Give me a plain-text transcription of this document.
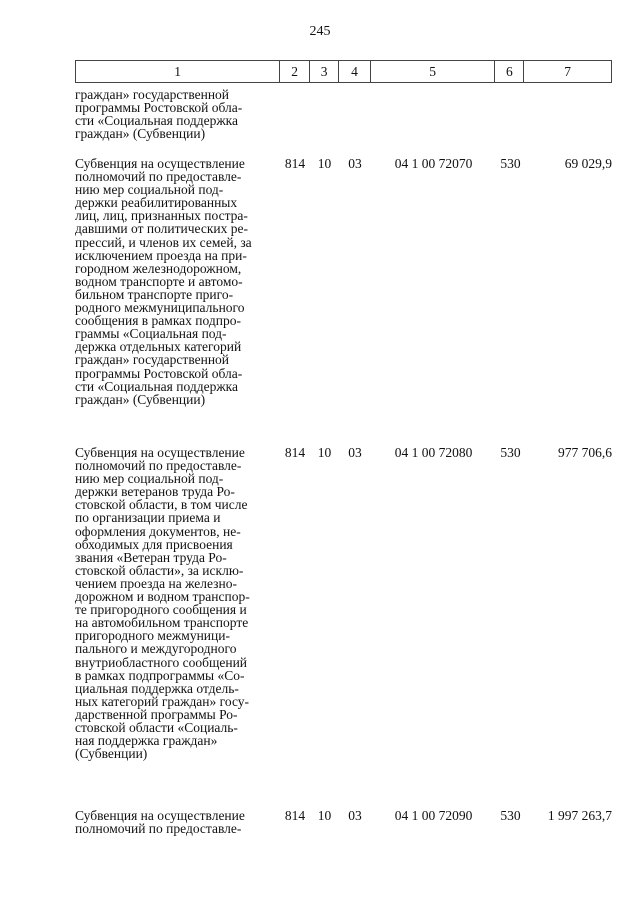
245
1	2	3	4	5	6	7
граждан» государственной
программы Ростовской обла-
сти «Социальная поддержка
граждан» (Субвенции)
Субвенция на осуществление
полномочий по предоставле-
нию мер социальной под-
держки реабилитированных
лиц, лиц, признанных постра-
давшими от политических ре-
прессий, и членов их семей, за
исключением проезда на при-
городном железнодорожном,
водном транспорте и автомо-
бильном транспорте приго-
родного межмуниципального
сообщения в рамках подпро-
граммы «Социальная под-
держка отдельных категорий
граждан» государственной
программы Ростовской обла-
сти «Социальная поддержка
граждан» (Субвенции)
814 10	03	04 1 00 72070	530	69 029,9
Субвенция на осуществление
полномочий по предоставле-
нию мер социальной под-
держки ветеранов труда Ро-
стовской области, в том числе
по организации приема и
оформления документов, не-
обходимых для присвоения
звания «Ветеран труда Ро-
стовской области», за исклю-
чением проезда на железно-
дорожном и водном транспор-
те пригородного сообщения и
на автомобильном транспорте
пригородного межмуници-
пального и междугородного
внутриобластного сообщений
в рамках подпрограммы «Со-
циальная поддержка отдель-
ных категорий граждан» госу-
дарственной программы Ро-
стовской области «Социаль-
ная поддержка граждан»
(Субвенции)
814 10	03	04 1 00 72080	530	977 706,6
Субвенция на осуществление
полномочий по предоставле-
814 10	03	04 1 00 72090	530	1 997 263,7
